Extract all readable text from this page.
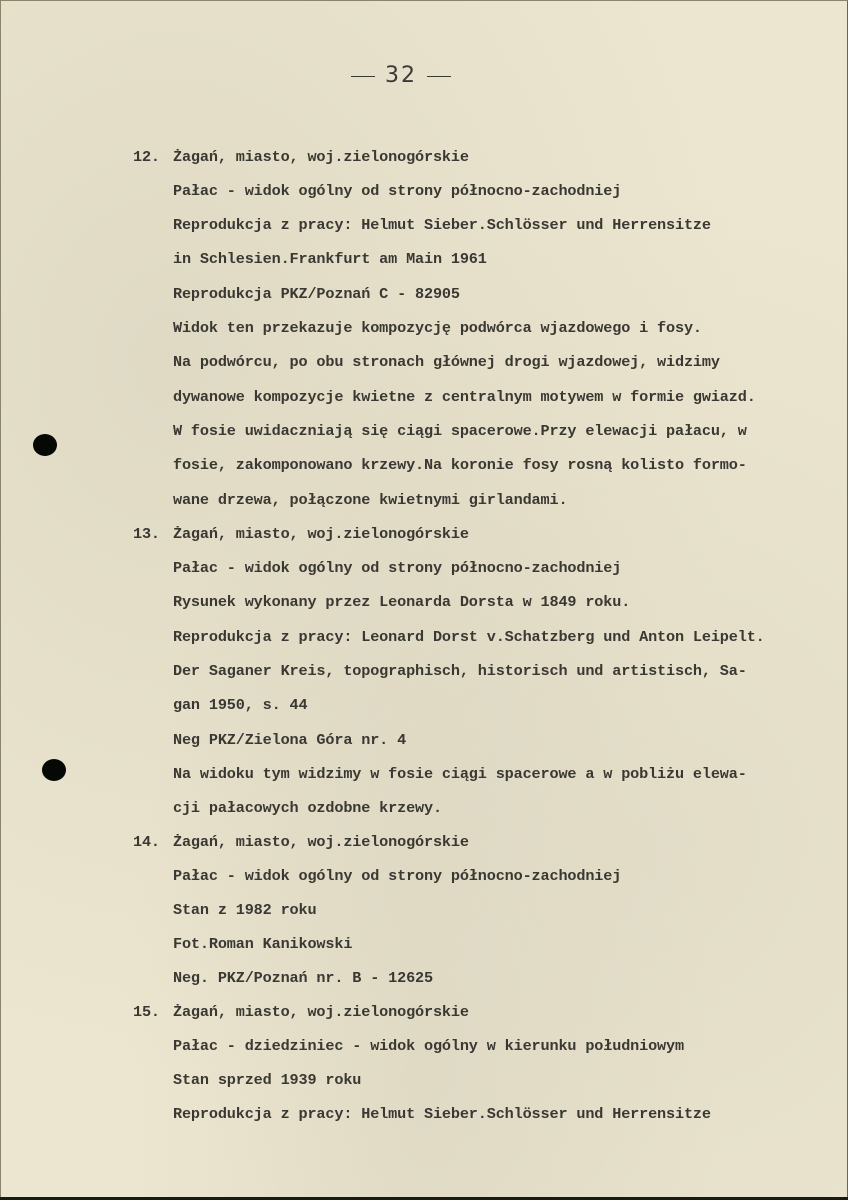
32
12. Żagań, miasto, woj.zielonogórskie
Pałac - widok ogólny od strony północno-zachodniej
Reprodukcja z pracy: Helmut Sieber.Schlösser und Herrensitze
in Schlesien.Frankfurt am Main 1961
Reprodukcja PKZ/Poznań C - 82905
Widok ten przekazuje kompozycję podwórca wjazdowego i fosy.
Na podwórcu, po obu stronach głównej drogi wjazdowej, widzimy
dywanowe kompozycje kwietne z centralnym motywem w formie gwiazd.
W fosie uwidaczniają się ciągi spacerowe.Przy elewacji pałacu, w
fosie, zakomponowano krzewy.Na koronie fosy rosną kolisto formo-
wane drzewa, połączone kwietnymi girlandami.
13. Żagań, miasto, woj.zielonogórskie
Pałac - widok ogólny od strony północno-zachodniej
Rysunek wykonany przez Leonarda Dorsta w 1849 roku.
Reprodukcja z pracy: Leonard Dorst v.Schatzberg und Anton Leipelt.
Der Saganer Kreis, topographisch, historisch und artistisch, Sa-
gan 1950, s. 44
Neg PKZ/Zielona Góra nr. 4
Na widoku tym widzimy w fosie ciągi spacerowe a w pobliżu elewa-
cji pałacowych ozdobne krzewy.
14. Żagań, miasto, woj.zielonogórskie
Pałac - widok ogólny od strony północno-zachodniej
Stan z 1982 roku
Fot.Roman Kanikowski
Neg. PKZ/Poznań nr. B - 12625
15. Żagań, miasto, woj.zielonogórskie
Pałac - dziedziniec - widok ogólny w kierunku południowym
Stan sprzed 1939 roku
Reprodukcja z pracy: Helmut Sieber.Schlösser und Herrensitze
